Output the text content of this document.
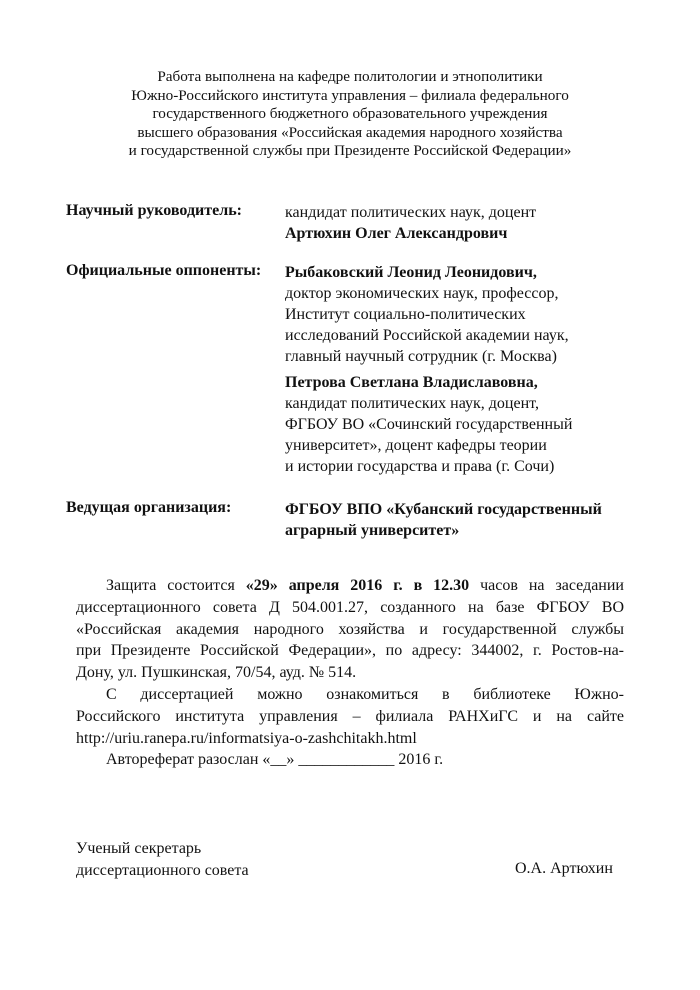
Работа выполнена на кафедре политологии и этнополитики
Южно-Российского института управления – филиала федерального
государственного бюджетного образовательного учреждения
высшего образования «Российская академия народного хозяйства
и государственной службы при Президенте Российской Федерации»
Научный руководитель:	кандидат политических наук, доцент
Артюхин Олег Александрович
Официальные оппоненты: Рыбаковский Леонид Леонидович,
доктор экономических наук, профессор,
Институт социально-политических
исследований Российской академии наук,
главный научный сотрудник (г. Москва)
Петрова Светлана Владиславовна,
кандидат политических наук, доцент,
ФГБОУ ВО «Сочинский государственный
университет», доцент кафедры теории
и истории государства и права (г. Сочи)
Ведущая организация:	ФГБОУ ВПО «Кубанский государственный
аграрный университет»
Защита состоится «29» апреля 2016 г. в 12.30 часов на заседании
диссертационного совета Д 504.001.27, созданного на базе ФГБОУ ВО
«Российская академия народного хозяйства и государственной службы
при Президенте Российской Федерации», по адресу: 344002, г. Ростов-на-
Дону, ул. Пушкинская, 70/54, ауд. № 514.
С диссертацией можно ознакомиться в библиотеке Южно-
Российского института управления – филиала РАНХиГС и на сайте
http://uriu.ranepa.ru/informatsiya-o-zashchitakh.html
Автореферат разослан «__» ____________ 2016 г.
Ученый секретарь
диссертационного совета	О.А. Артюхин
